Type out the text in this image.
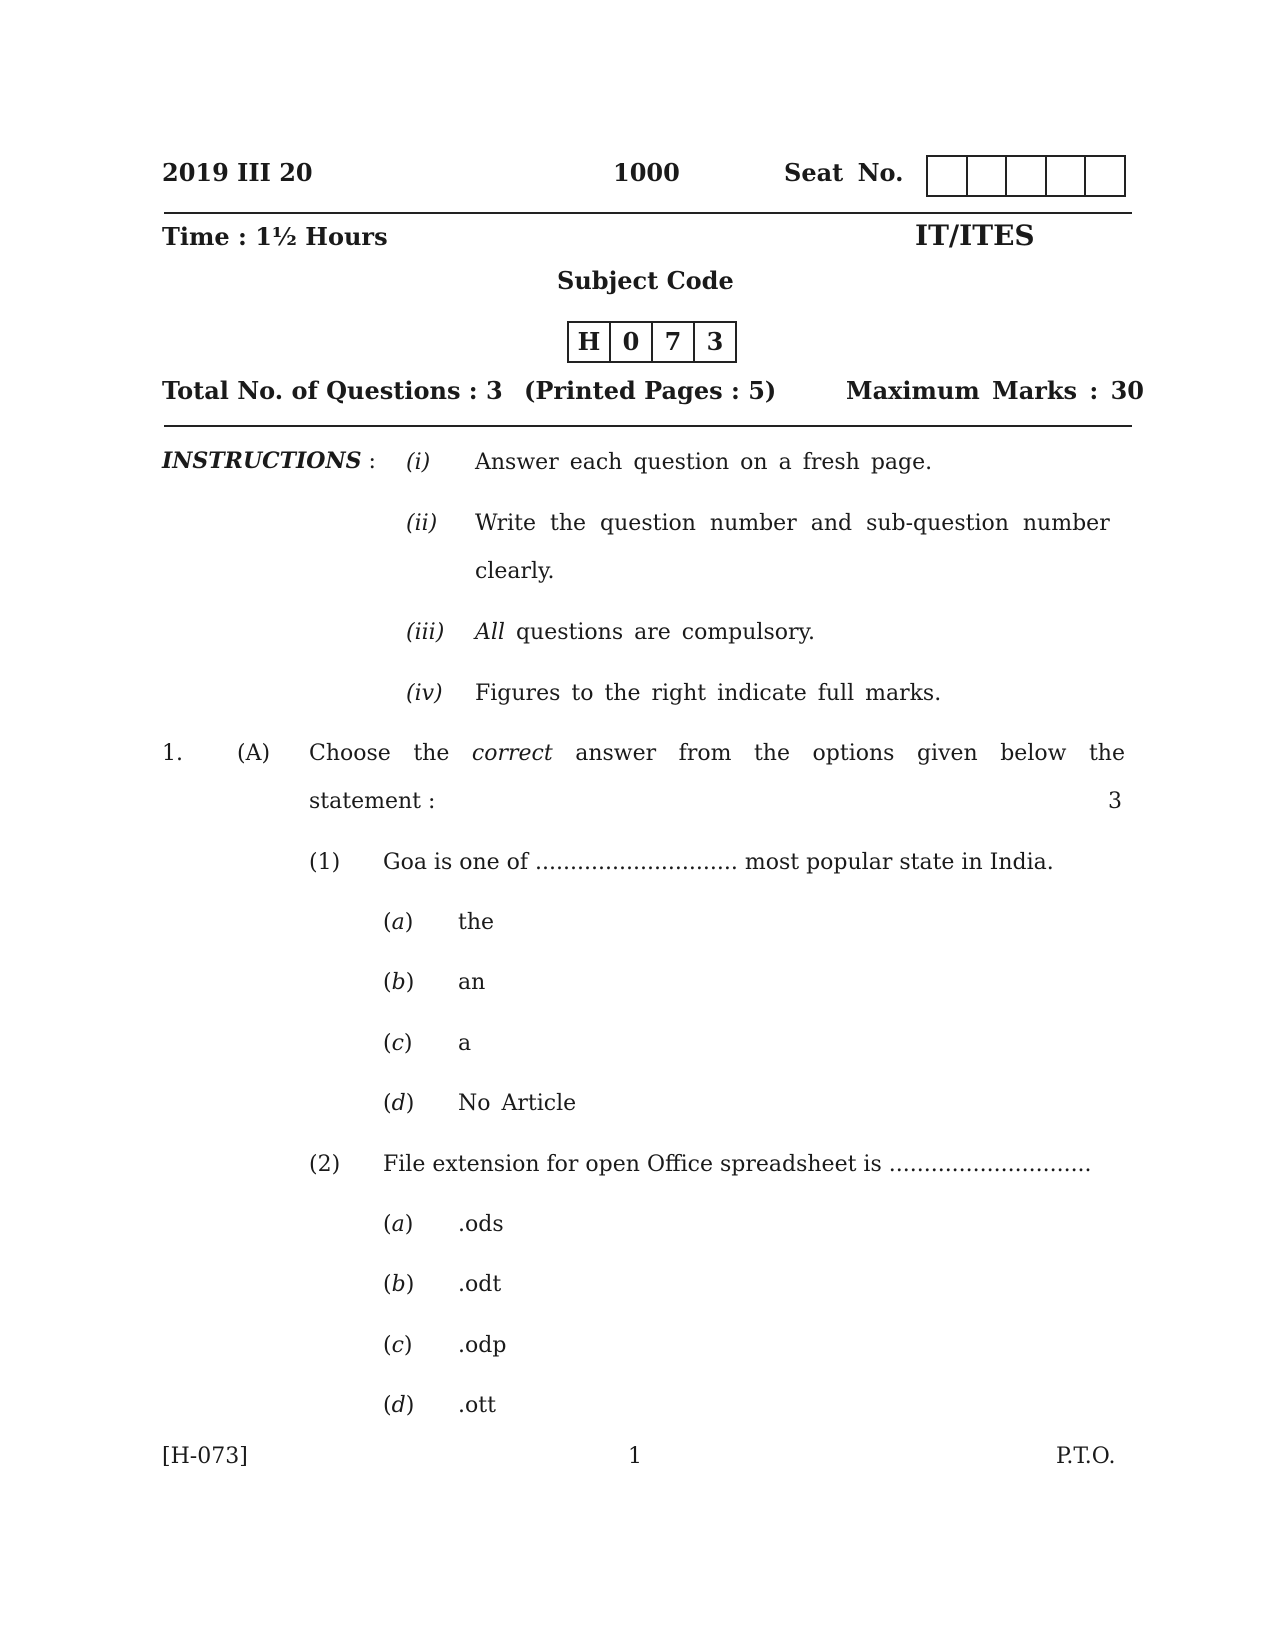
2019 III 20	1000	Seat No.
Time : 1½ Hours	IT/ITES
Subject Code
H 0	7	3
Total No. of Questions : 3 (Printed Pages : 5)	Maximum Marks : 30
INSTRUCTIONS : (i) Answer each question on a fresh page.
(ii) Write the question number and sub-question number
clearly.
(iii) All questions are compulsory.
(iv) Figures to the right indicate full marks.
1. (A) Choose the correct answer from the options given below the
statement :	3
(1) Goa is one of ............................. most popular state in India.
(a) the
(b) an
(c) a
(d) No Article
(2) File extension for open Office spreadsheet is .............................
(a) .ods
(b) .odt
(c) .odp
(d) .ott
[H-073]	1	P.T.O.
